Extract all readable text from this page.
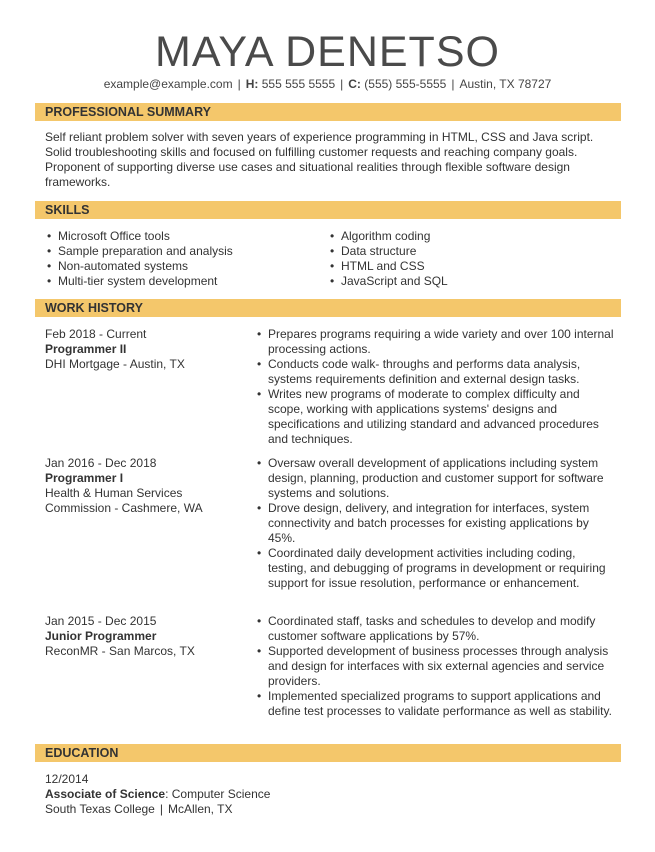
MAYA DENETSO
example@example.com | H: 555 555 5555 | C: (555) 555-5555 | Austin, TX 78727
PROFESSIONAL SUMMARY
Self reliant problem solver with seven years of experience programming in HTML, CSS and Java script. Solid troubleshooting skills and focused on fulfilling customer requests and reaching company goals. Proponent of supporting diverse use cases and situational realities through flexible software design frameworks.
SKILLS
• Microsoft Office tools
• Sample preparation and analysis
• Non-automated systems
• Multi-tier system development
• Algorithm coding
• Data structure
• HTML and CSS
• JavaScript and SQL
WORK HISTORY
Feb 2018 - Current
Programmer II
DHI Mortgage - Austin, TX
• Prepares programs requiring a wide variety and over 100 internal processing actions.
• Conducts code walk- throughs and performs data analysis, systems requirements definition and external design tasks.
• Writes new programs of moderate to complex difficulty and scope, working with applications systems' designs and specifications and utilizing standard and advanced procedures and techniques.
Jan 2016 - Dec 2018
Programmer I
Health & Human Services Commission - Cashmere, WA
• Oversaw overall development of applications including system design, planning, production and customer support for software systems and solutions.
• Drove design, delivery, and integration for interfaces, system connectivity and batch processes for existing applications by 45%.
• Coordinated daily development activities including coding, testing, and debugging of programs in development or requiring support for issue resolution, performance or enhancement.
Jan 2015 - Dec 2015
Junior Programmer
ReconMR - San Marcos, TX
• Coordinated staff, tasks and schedules to develop and modify customer software applications by 57%.
• Supported development of business processes through analysis and design for interfaces with six external agencies and service providers.
• Implemented specialized programs to support applications and define test processes to validate performance as well as stability.
EDUCATION
12/2014
Associate of Science: Computer Science
South Texas College | McAllen, TX
